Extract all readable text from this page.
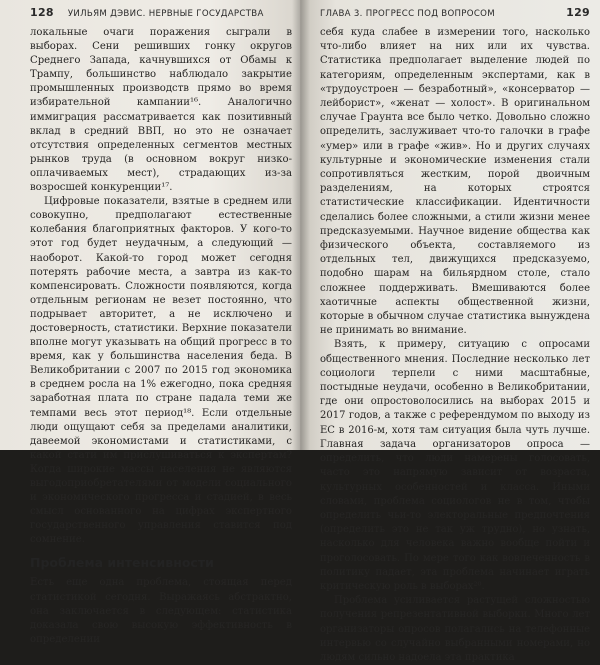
128 УИЛЬЯМ ДЭВИС. НЕРВНЫЕ ГОСУДАРСТВА

локальные очаги поражения сыграли в выборах. Сени решивших гонку округов Среднего Запада, качнувшихся от Обамы к Трампу, большинство наблюдало закрытие промышленных производств прямо во время избирательной кампании¹⁶. Аналогично иммиграция рассматривается как позитивный вклад в средний ВВП, но это не означает отсутствия определенных сегментов местных рынков труда (в основном вокруг низко-оплачиваемых мест), страдающих из-за возросшей конкуренции¹⁷.

Цифровые показатели, взятые в среднем или совокупно, предполагают естественные колебания благоприятных факторов. У кого-то этот год будет неудачным, а следующий — наоборот. Какой-то город может сегодня потерять рабочие места, а завтра из как-то компенсировать. Сложности появляются, когда отдельным регионам не везет постоянно, что подрывает авторитет, а не исключено и достоверность, статистики. Верхние показатели вполне могут указывать на общий прогресс в то время, как у большинства населения беда. В Великобритании с 2007 по 2015 год экономика в среднем росла на 1% ежегодно, пока средняя заработная плата по стране падала теми же темпами весь этот период¹⁸. Если отдельные люди ощущают себя за пределами аналитики, давеемой экономистами и статистиками, с какой стати им прислушиваться к экспертам? Когда широкие массы населения не являются выгодоприобретателями от модели социального и экономического прогресса и стадией, в весь смысл основанного на цифрах экспертного государственного управления ставится под сомнение.

Проблема интенсивности

Есть еще одна проблема, стоящая перед статистикой сегодня. Выражаясь абстрактно, она заключается в следующем: статистика доказала свою высокую эффективность в определении

ГЛАВА 3. ПРОГРЕСС ПОД ВОПРОСОМ	129

себя куда слабее в измерении того, насколько что-либо влияет на них или их чувства. Статистика предполагает выделение людей по категориям, определенным экспертами, как в «трудоустроен — безработный», «консерватор — лейборист», «женат — холост». В оригинальном случае Граунта все было четко. Довольно сложно определить, заслуживает что-то галочки в графе «умер» или в графе «жив». Но и других случаях культурные и экономические изменения стали сопротивляться жестким, порой двоичным разделениям, на которых строятся статистические классификации. Идентичности сделались более сложными, а стили жизни менее предсказуемыми. Научное видение общества как физического объекта, составляемого из отдельных тел, движущихся предсказуемо, подобно шарам на бильярдном столе, стало сложнее поддерживать. Вмешиваются более хаотичные аспекты общественной жизни, которые в обычном случае статистика вынуждена не принимать во внимание.

Взять, к примеру, ситуацию с опросами общественного мнения. Последние несколько лет социологи терпели с ними масштабные, постыдные неудачи, особенно в Великобритании, где они опростоволосились на выборах 2015 и 2017 годов, а также с референдумом по выходу из ЕС в 2016-м, хотя там ситуация была чуть лучше. Главная задача организаторов опроса — определить, что люди намерены голосовать, часто это напрямую зависит от возраста, культурных особенностей и класса. Иными словами, проблема социологов не в том, чтобы определить чьи-то электоральные предпочтения (определить это не так уж трудно), но узнать, насколько для человека важно вообще пойти и проголосовать. По мере того как вовлеченность в политику падает, эта проблема начинает играть критическую роль в выборах²⁰.

Проблема усиливается растущей сложностью получения репрезентативной выборки. Много лет организаторы опросов полагались на телефонные интервью со случайно выбранными номерами, но людям сильно надоела эта практика
